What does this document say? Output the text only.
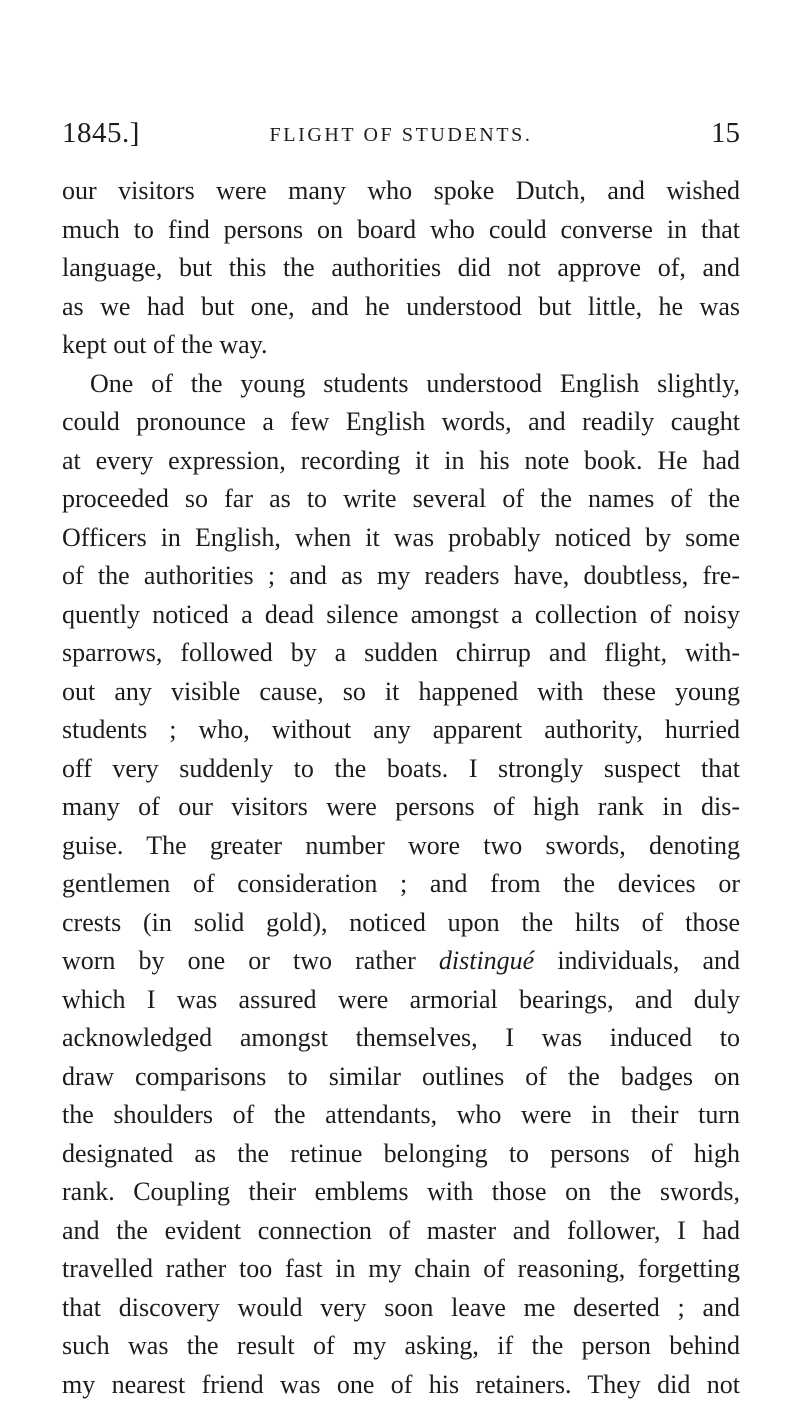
1845.]	FLIGHT OF STUDENTS.	15
our visitors were many who spoke Dutch, and wished
much to find persons on board who could converse in that
language, but this the authorities did not approve of, and
as we had but one, and he understood but little, he was
kept out of the way.
One of the young students understood English slightly,
could pronounce a few English words, and readily caught
at every expression, recording it in his note book. He had
proceeded so far as to write several of the names of the
Officers in English, when it was probably noticed by some
of the authorities ; and as my readers have, doubtless, fre-
quently noticed a dead silence amongst a collection of noisy
sparrows, followed by a sudden chirrup and flight, with-
out any visible cause, so it happened with these young
students ; who, without any apparent authority, hurried
off very suddenly to the boats. I strongly suspect that
many of our visitors were persons of high rank in dis-
guise. The greater number wore two swords, denoting
gentlemen of consideration ; and from the devices or
crests (in solid gold), noticed upon the hilts of those
worn by one or two rather distingué individuals, and
which I was assured were armorial bearings, and duly
acknowledged amongst themselves, I was induced to
draw comparisons to similar outlines of the badges on
the shoulders of the attendants, who were in their turn
designated as the retinue belonging to persons of high
rank. Coupling their emblems with those on the swords,
and the evident connection of master and follower, I had
travelled rather too fast in my chain of reasoning, forgetting
that discovery would very soon leave me deserted ; and
such was the result of my asking, if the person behind
my nearest friend was one of his retainers. They did not
